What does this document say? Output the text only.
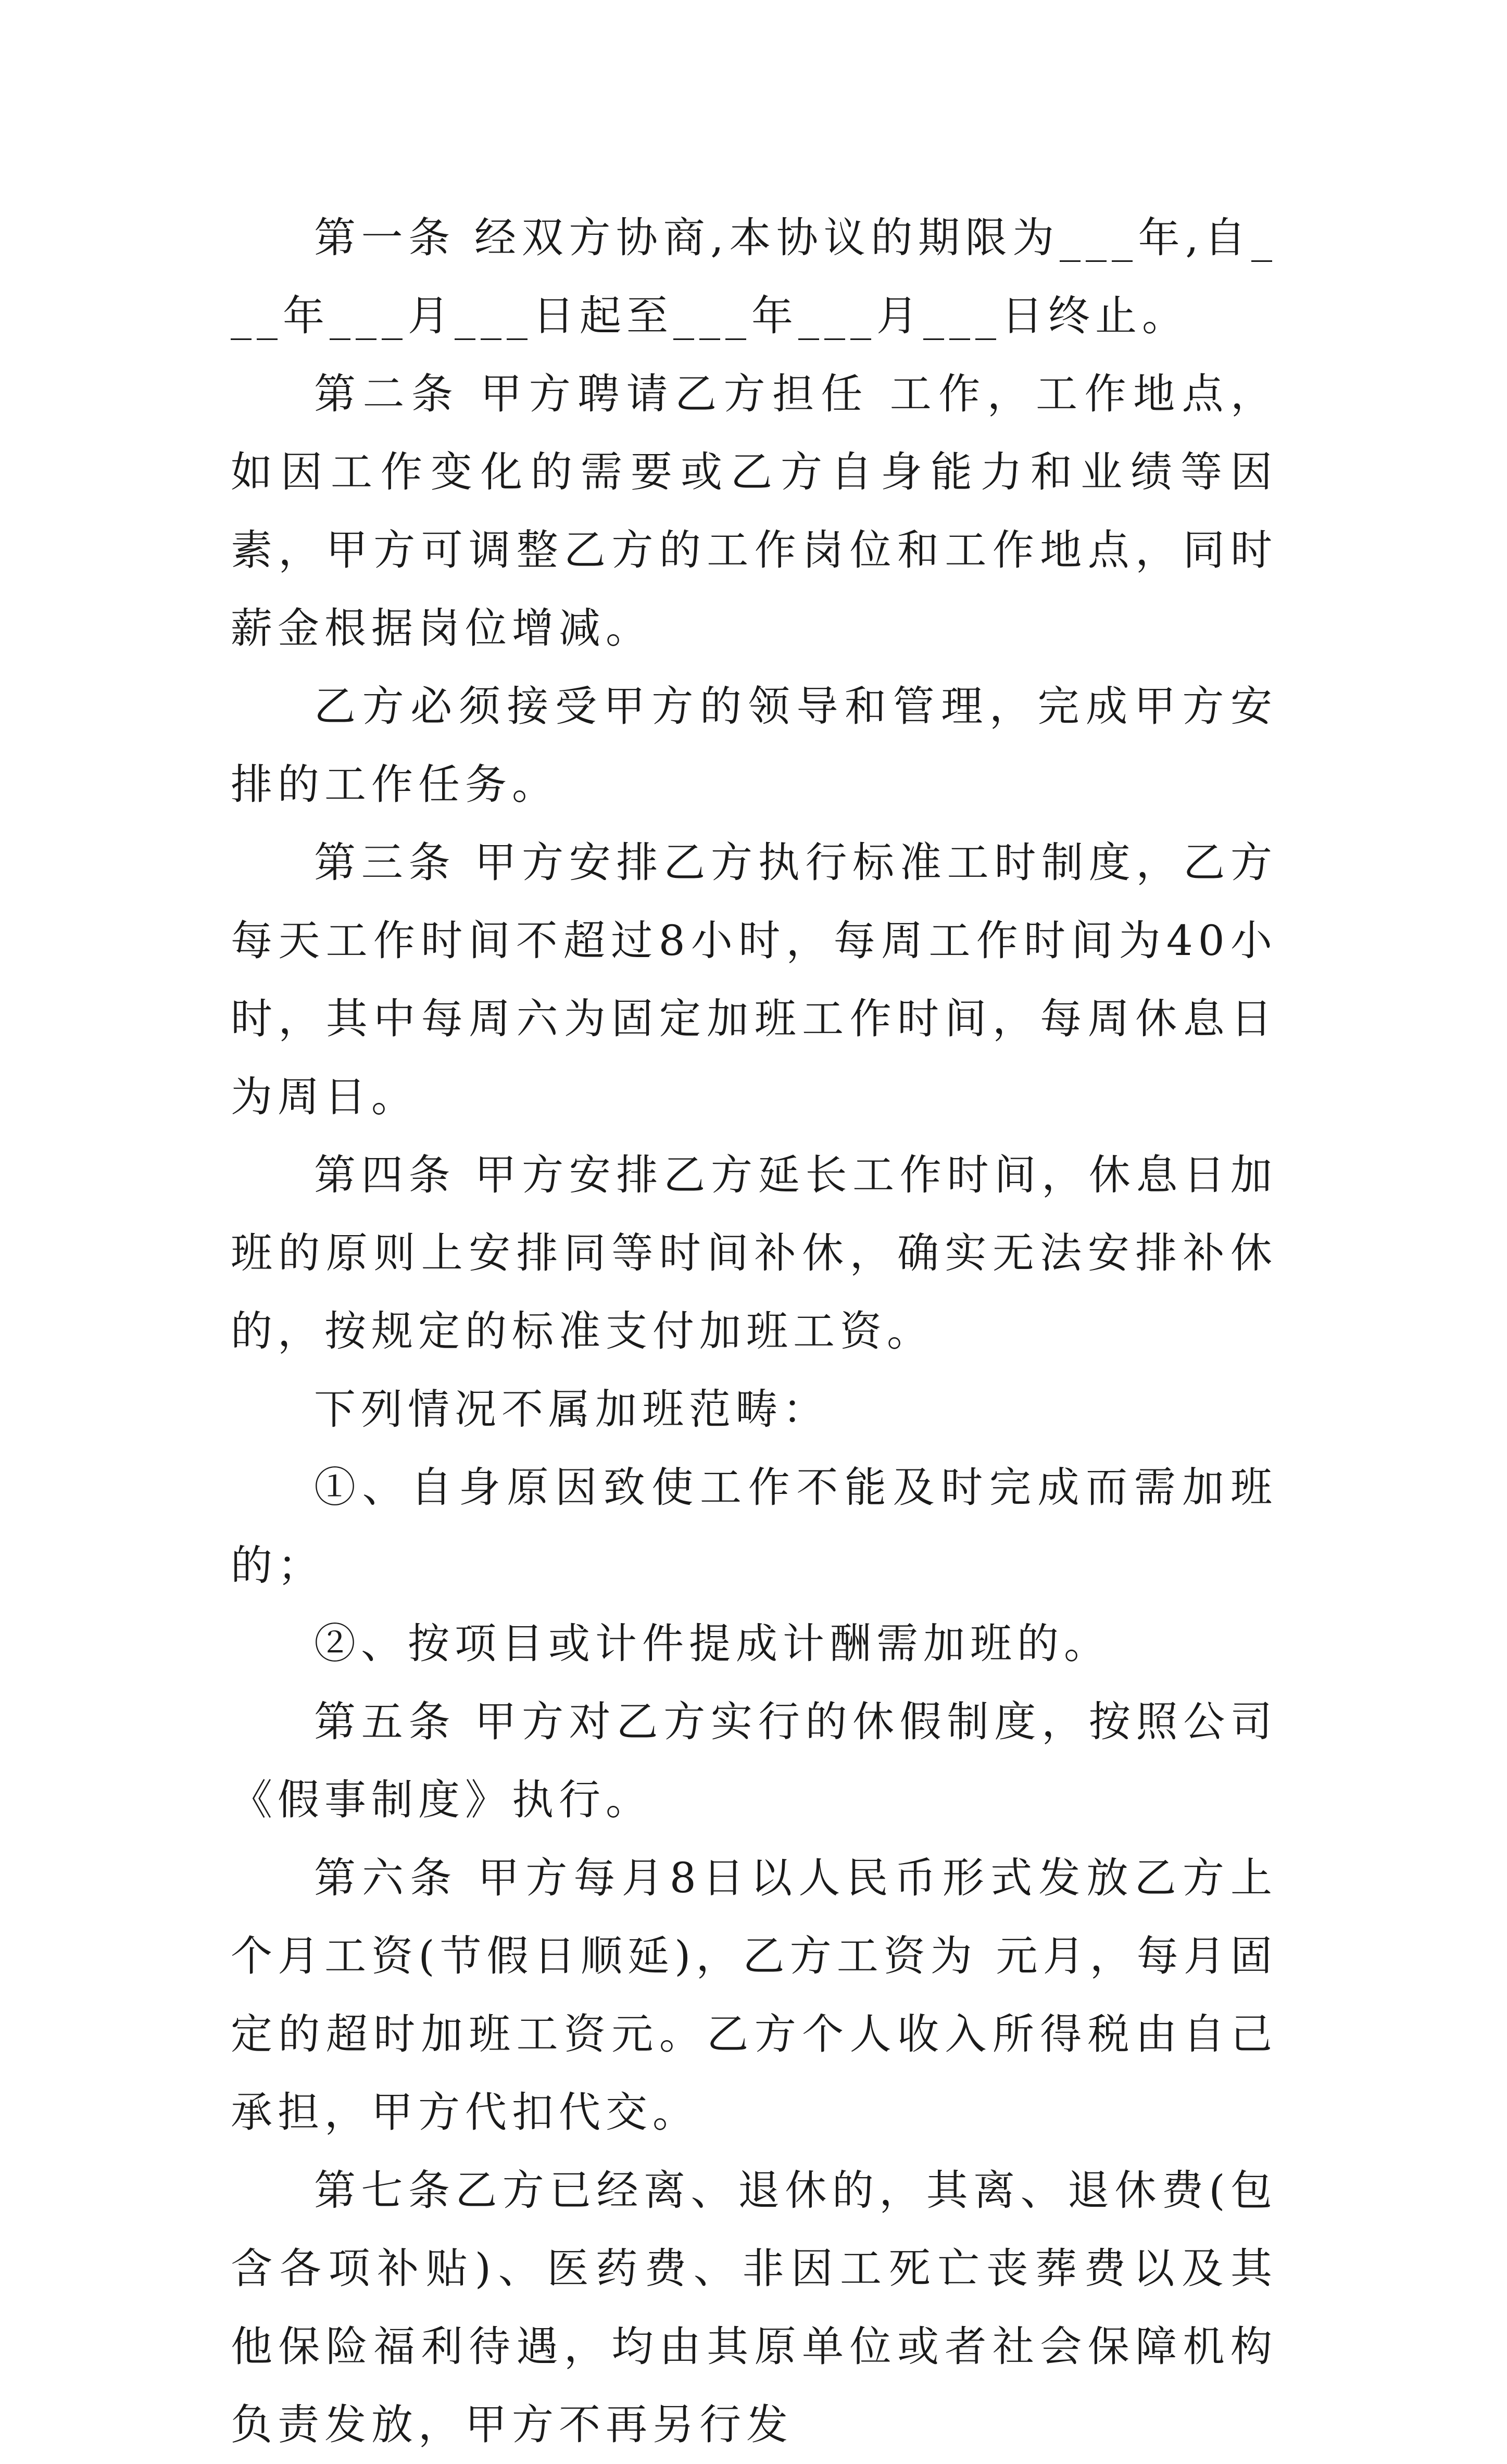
第一条 经双方协商,本协议的期限为___年,自___年___月___日起至___年___月___日终止。

第二条 甲方聘请乙方担任 工作，工作地点，如因工作变化的需要或乙方自身能力和业绩等因素，甲方可调整乙方的工作岗位和工作地点，同时薪金根据岗位增减。

乙方必须接受甲方的领导和管理，完成甲方安排的工作任务。

第三条 甲方安排乙方执行标准工时制度，乙方每天工作时间不超过8小时，每周工作时间为40小时，其中每周六为固定加班工作时间，每周休息日为周日。

第四条 甲方安排乙方延长工作时间，休息日加班的原则上安排同等时间补休，确实无法安排补休的，按规定的标准支付加班工资。

下列情况不属加班范畴：

①、自身原因致使工作不能及时完成而需加班的；

②、按项目或计件提成计酬需加班的。

第五条 甲方对乙方实行的休假制度，按照公司《假事制度》执行。

第六条 甲方每月8日以人民币形式发放乙方上个月工资(节假日顺延)，乙方工资为 元月，每月固定的超时加班工资元。乙方个人收入所得税由自己承担，甲方代扣代交。

第七条乙方已经离、退休的，其离、退休费(包含各项补贴)、医药费、非因工死亡丧葬费以及其他保险福利待遇，均由其原单位或者社会保障机构负责发放，甲方不再另行发
